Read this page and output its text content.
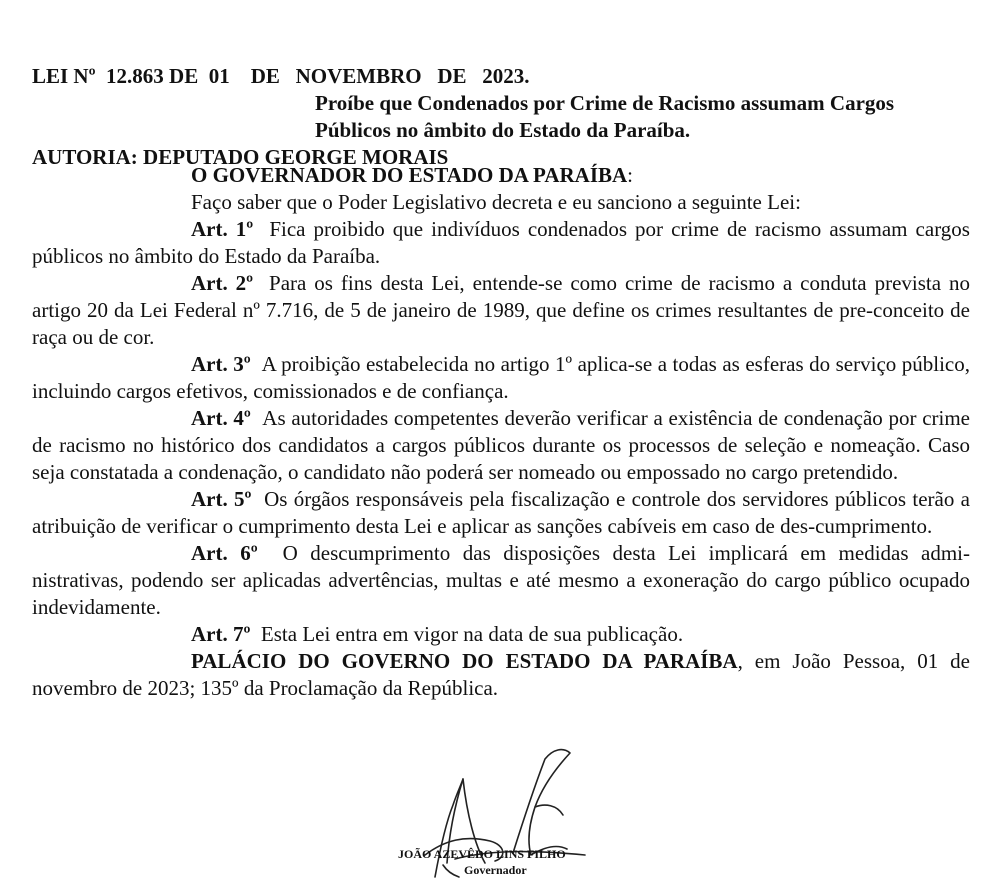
LEI Nº  12.863 DE  01    DE   NOVEMBRO   DE   2023.

AUTORIA: DEPUTADO GEORGE MORAIS

Proíbe que Condenados por Crime de Racismo assumam Cargos Públicos no âmbito do Estado da Paraíba.

O GOVERNADOR DO ESTADO DA PARAÍBA:

Faço saber que o Poder Legislativo decreta e eu sanciono a seguinte Lei:

Art. 1º Fica proibido que indivíduos condenados por crime de racismo assumam cargos públicos no âmbito do Estado da Paraíba.

Art. 2º Para os fins desta Lei, entende-se como crime de racismo a conduta prevista no artigo 20 da Lei Federal nº 7.716, de 5 de janeiro de 1989, que define os crimes resultantes de pre-conceito de raça ou de cor.

Art. 3º A proibição estabelecida no artigo 1º aplica-se a todas as esferas do serviço público, incluindo cargos efetivos, comissionados e de confiança.

Art. 4º As autoridades competentes deverão verificar a existência de condenação por crime de racismo no histórico dos candidatos a cargos públicos durante os processos de seleção e nomeação. Caso seja constatada a condenação, o candidato não poderá ser nomeado ou empossado no cargo pretendido.

Art. 5º Os órgãos responsáveis pela fiscalização e controle dos servidores públicos terão a atribuição de verificar o cumprimento desta Lei e aplicar as sanções cabíveis em caso de des-cumprimento.

Art. 6º O descumprimento das disposições desta Lei implicará em medidas admi-nistrativas, podendo ser aplicadas advertências, multas e até mesmo a exoneração do cargo público ocupado indevidamente.

Art. 7º Esta Lei entra em vigor na data de sua publicação.

PALÁCIO DO GOVERNO DO ESTADO DA PARAÍBA, em João Pessoa, 01 de novembro de 2023; 135º da Proclamação da República.

JOÃO AZEVÊDO LINS FILHO
Governador
